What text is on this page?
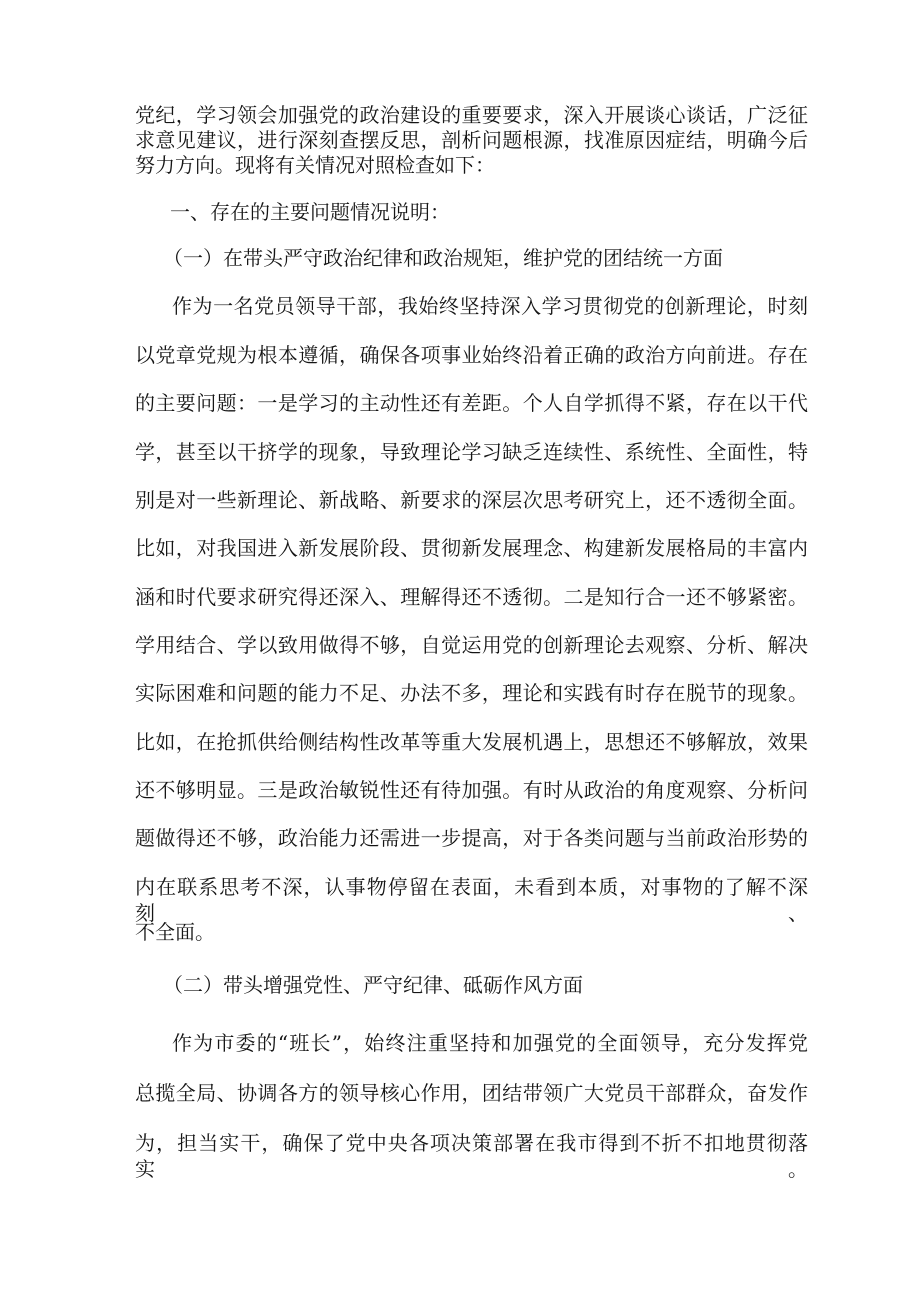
党纪，学习领会加强党的政治建设的重要要求，深入开展谈心谈话，广泛征
求意见建议，进行深刻查摆反思，剖析问题根源，找准原因症结，明确今后
努力方向。现将有关情况对照检查如下：
一、存在的主要问题情况说明：
（一）在带头严守政治纪律和政治规矩，维护党的团结统一方面
作为一名党员领导干部，我始终坚持深入学习贯彻党的创新理论，时刻
以党章党规为根本遵循，确保各项事业始终沿着正确的政治方向前进。存在
的主要问题：一是学习的主动性还有差距。个人自学抓得不紧，存在以干代
学，甚至以干挤学的现象，导致理论学习缺乏连续性、系统性、全面性，特
别是对一些新理论、新战略、新要求的深层次思考研究上，还不透彻全面。
比如，对我国进入新发展阶段、贯彻新发展理念、构建新发展格局的丰富内
涵和时代要求研究得还深入、理解得还不透彻。二是知行合一还不够紧密。
学用结合、学以致用做得不够，自觉运用党的创新理论去观察、分析、解决
实际困难和问题的能力不足、办法不多，理论和实践有时存在脱节的现象。
比如，在抢抓供给侧结构性改革等重大发展机遇上，思想还不够解放，效果
还不够明显。三是政治敏锐性还有待加强。有时从政治的角度观察、分析问
题做得还不够，政治能力还需进一步提高，对于各类问题与当前政治形势的
内在联系思考不深，认事物停留在表面，未看到本质，对事物的了解不深刻、
不全面。
（二）带头增强党性、严守纪律、砥砺作风方面
作为市委的“班长”，始终注重坚持和加强党的全面领导，充分发挥党
总揽全局、协调各方的领导核心作用，团结带领广大党员干部群众，奋发作
为，担当实干，确保了党中央各项决策部署在我市得到不折不扣地贯彻落实。
